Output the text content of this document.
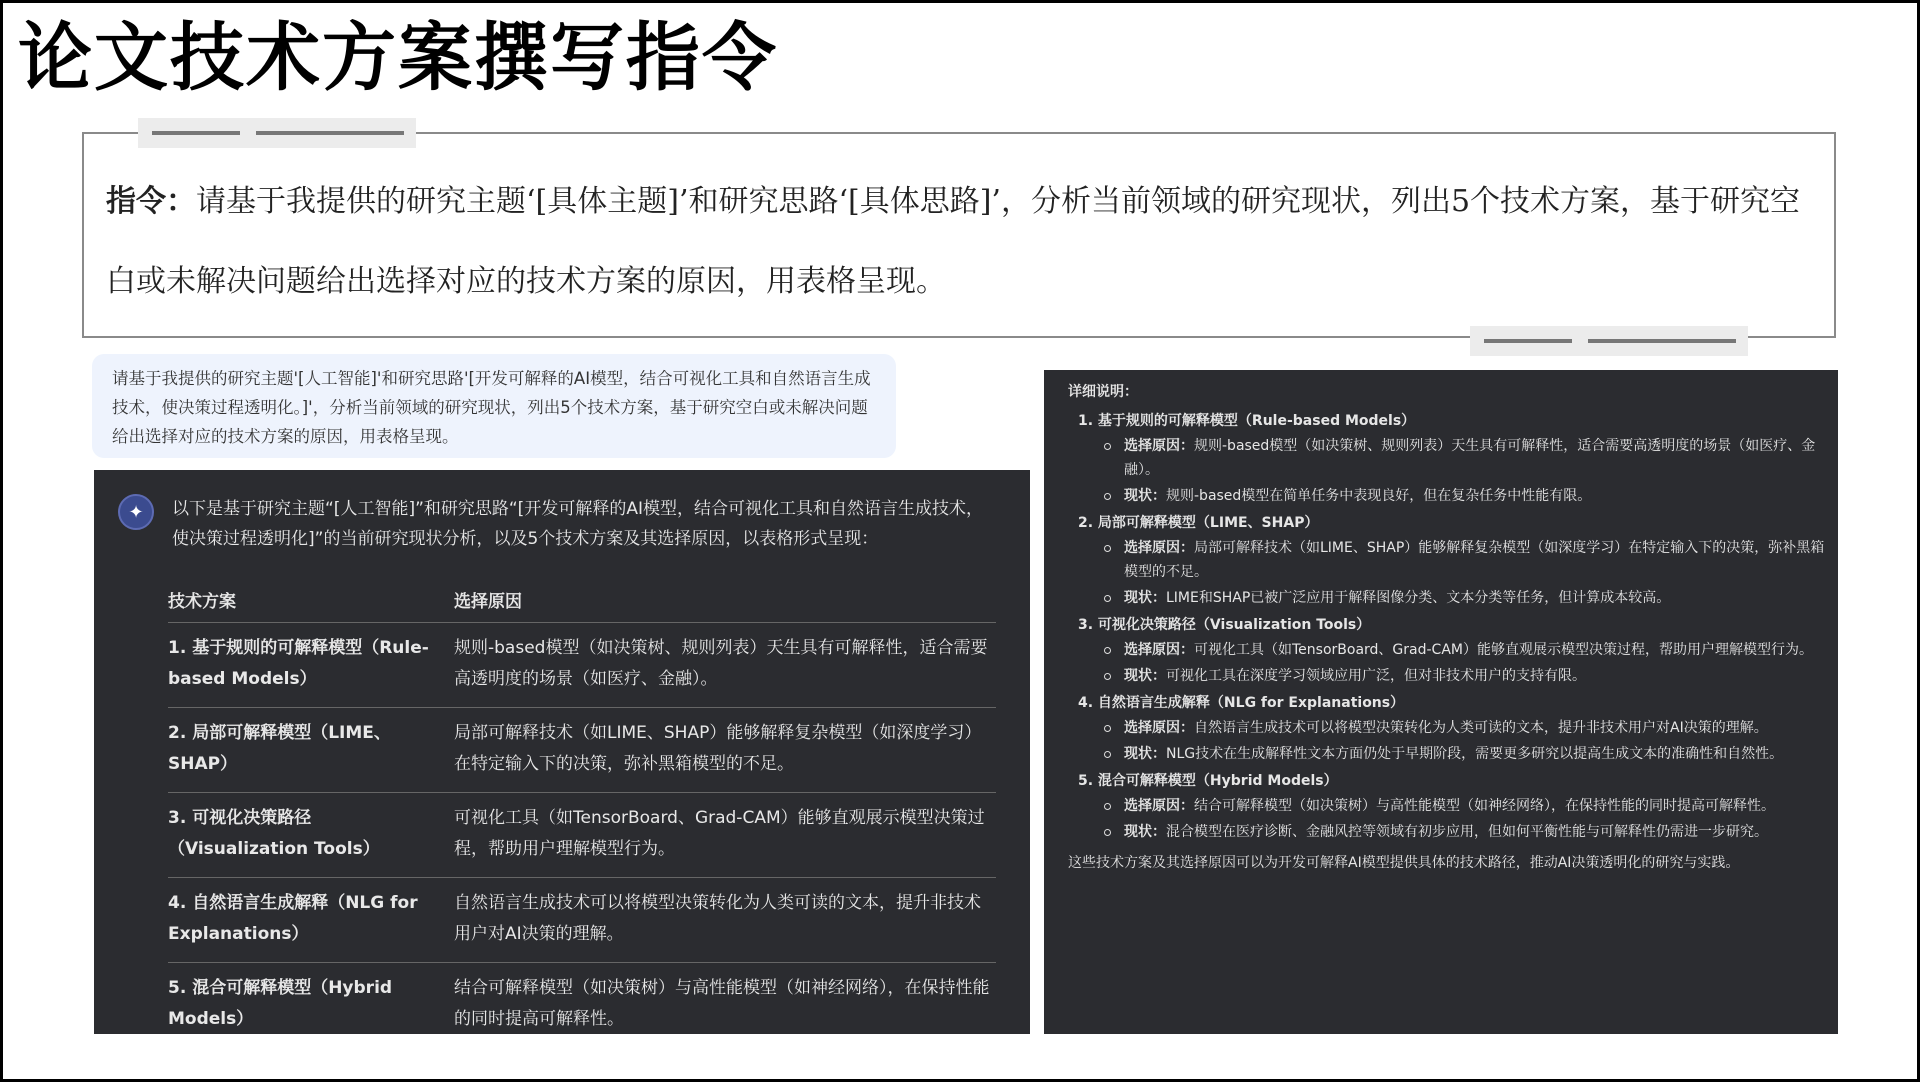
论文技术方案撰写指令
指令：请基于我提供的研究主题‘[具体主题]’和研究思路‘[具体思路]’，分析当前领域的研究现状，列出5个技术方案，基于研究空白或未解决问题给出选择对应的技术方案的原因，用表格呈现。
请基于我提供的研究主题'[人工智能]'和研究思路'[开发可解释的AI模型，结合可视化工具和自然语言生成技术，使决策过程透明化。]'，分析当前领域的研究现状，列出5个技术方案，基于研究空白或未解决问题给出选择对应的技术方案的原因，用表格呈现。
✦	以下是基于研究主题“[人工智能]”和研究思路“[开发可解释的AI模型，结合可视化工具和自然语言生成技术，使决策过程透明化]”的当前研究现状分析，以及5个技术方案及其选择原因，以表格形式呈现：
技术方案	选择原因
1. 基于规则的可解释模型（Rule-based Models）	规则-based模型（如决策树、规则列表）天生具有可解释性，适合需要高透明度的场景（如医疗、金融）。
2. 局部可解释模型（LIME、SHAP）	局部可解释技术（如LIME、SHAP）能够解释复杂模型（如深度学习）在特定输入下的决策，弥补黑箱模型的不足。
3. 可视化决策路径（Visualization Tools）	可视化工具（如TensorBoard、Grad-CAM）能够直观展示模型决策过程，帮助用户理解模型行为。
4. 自然语言生成解释（NLG for Explanations）	自然语言生成技术可以将模型决策转化为人类可读的文本，提升非技术用户对AI决策的理解。
5. 混合可解释模型（Hybrid Models）	结合可解释模型（如决策树）与高性能模型（如神经网络），在保持性能的同时提高可解释性。
详细说明：
1. 基于规则的可解释模型（Rule-based Models）
选择原因：规则-based模型（如决策树、规则列表）天生具有可解释性，适合需要高透明度的场景（如医疗、金融）。
现状：规则-based模型在简单任务中表现良好，但在复杂任务中性能有限。
2. 局部可解释模型（LIME、SHAP）
选择原因：局部可解释技术（如LIME、SHAP）能够解释复杂模型（如深度学习）在特定输入下的决策，弥补黑箱模型的不足。
现状：LIME和SHAP已被广泛应用于解释图像分类、文本分类等任务，但计算成本较高。
3. 可视化决策路径（Visualization Tools）
选择原因：可视化工具（如TensorBoard、Grad-CAM）能够直观展示模型决策过程，帮助用户理解模型行为。
现状：可视化工具在深度学习领域应用广泛，但对非技术用户的支持有限。
4. 自然语言生成解释（NLG for Explanations）
选择原因：自然语言生成技术可以将模型决策转化为人类可读的文本，提升非技术用户对AI决策的理解。
现状：NLG技术在生成解释性文本方面仍处于早期阶段，需要更多研究以提高生成文本的准确性和自然性。
5. 混合可解释模型（Hybrid Models）
选择原因：结合可解释模型（如决策树）与高性能模型（如神经网络），在保持性能的同时提高可解释性。
现状：混合模型在医疗诊断、金融风控等领域有初步应用，但如何平衡性能与可解释性仍需进一步研究。
这些技术方案及其选择原因可以为开发可解释AI模型提供具体的技术路径，推动AI决策透明化的研究与实践。
